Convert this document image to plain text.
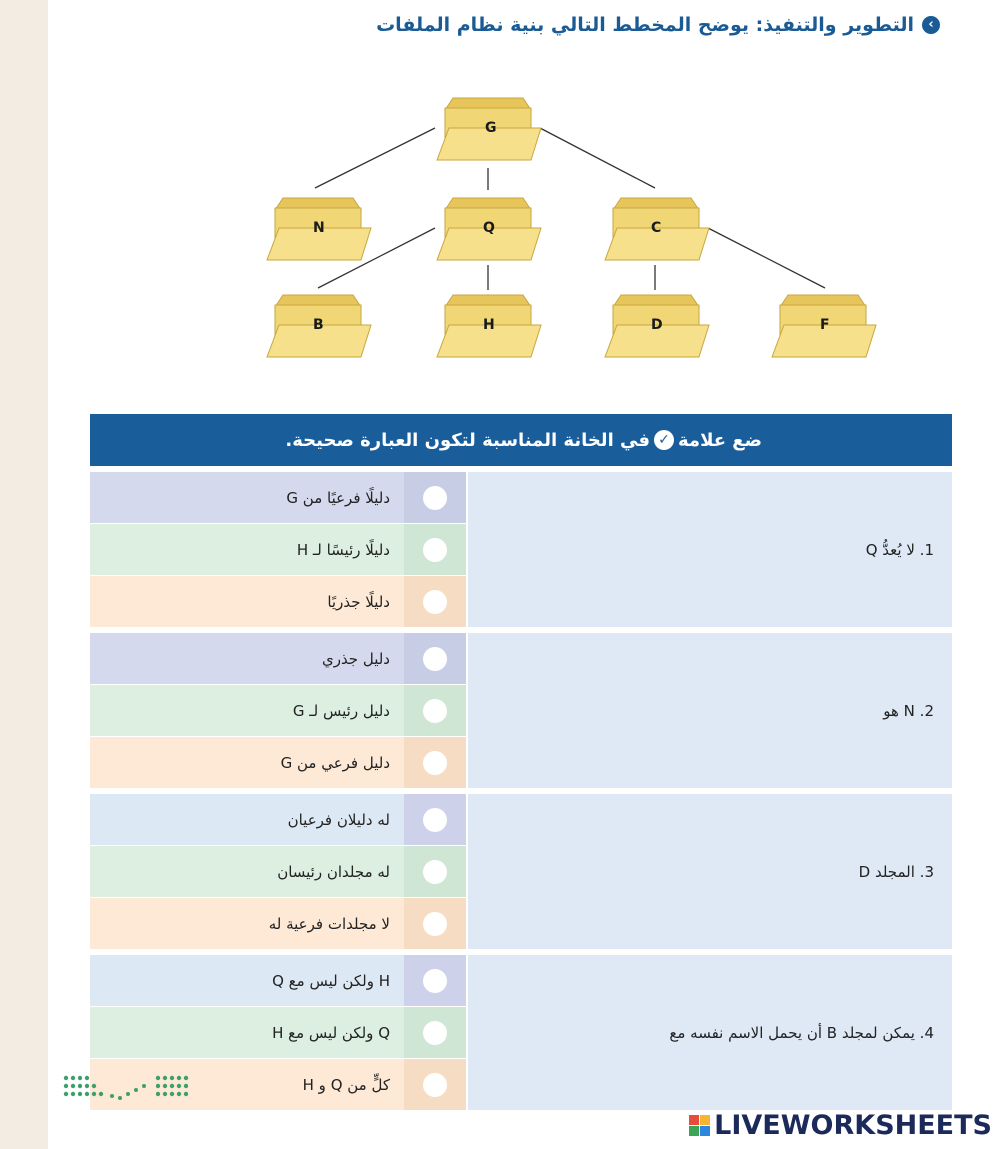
›
التطوير والتنفيذ: يوضح المخطط التالي بنية نظام الملفات
G
N	Q	C
B	H	D	F
ضع علامة
✓
في الخانة المناسبة لتكون العبارة صحيحة.
1. لا يُعدُّ Q
دليلًا فرعيًا من G
دليلًا رئيسًا لـ H
دليلًا جذريًا
2. N هو
دليل جذري
دليل رئيس لـ G
دليل فرعي من G
3. المجلد D
له دليلان فرعيان
له مجلدان رئيسان
لا مجلدات فرعية له
4. يمكن لمجلد B أن يحمل الاسم نفسه مع
H ولكن ليس مع Q
Q ولكن ليس مع H
كلٍّ من Q و H
LIVEWORKSHEETS
